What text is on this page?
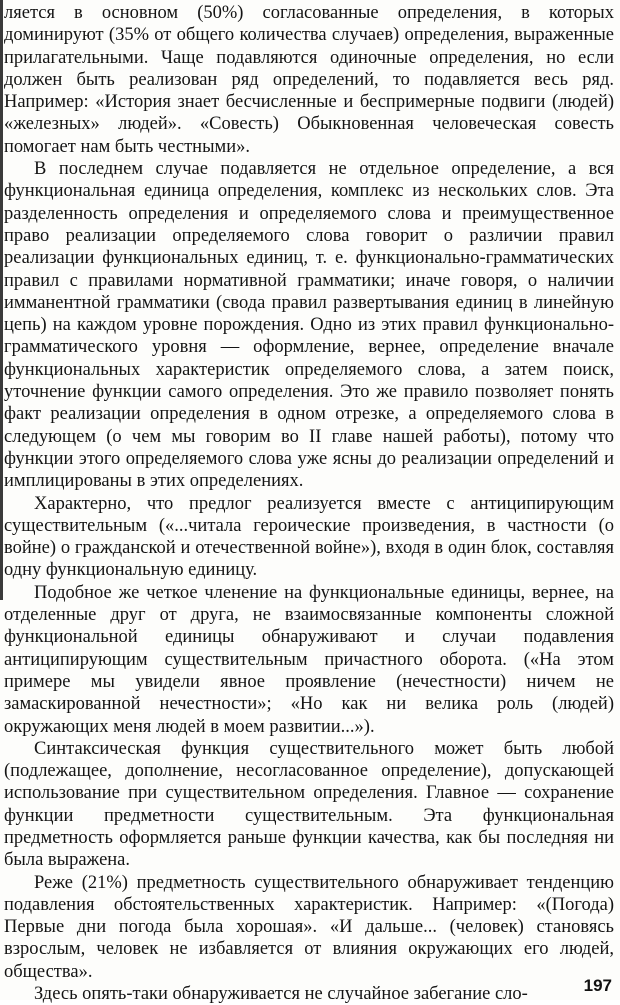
ляется в основном (50%) согласованные определения, в которых доминируют (35% от общего количества случаев) определения, выраженные прилагательными. Чаще подавляются одиночные определения, но если должен быть реализован ряд определений, то подавляется весь ряд. Например: «История знает бесчисленные и беспримерные подвиги (людей) «железных» людей». «Совесть) Обыкновенная человеческая совесть помогает нам быть честными».

В последнем случае подавляется не отдельное определение, а вся функциональная единица определения, комплекс из нескольких слов. Эта разделенность определения и определяемого слова и преимущественное право реализации определяемого слова говорит о различии правил реализации функциональных единиц, т. е. функционально-грамматических правил с правилами нормативной грамматики; иначе говоря, о наличии имманентной грамматики (свода правил развертывания единиц в линейную цепь) на каждом уровне порождения. Одно из этих правил функционально-грамматического уровня — оформление, вернее, определение вначале функциональных характеристик определяемого слова, а затем поиск, уточнение функции самого определения. Это же правило позволяет понять факт реализации определения в одном отрезке, а определяемого слова в следующем (о чем мы говорим во II главе нашей работы), потому что функции этого определяемого слова уже ясны до реализации определений и имплицированы в этих определениях.

Характерно, что предлог реализуется вместе с антиципирующим существительным («...читала героические произведения, в частности (о войне) о гражданской и отечественной войне»), входя в один блок, составляя одну функциональную единицу.

Подобное же четкое членение на функциональные единицы, вернее, на отделенные друг от друга, не взаимосвязанные компоненты сложной функциональной единицы обнаруживают и случаи подавления антиципирующим существительным причастного оборота. («На этом примере мы увидели явное проявление (нечестности) ничем не замаскированной нечестности»; «Но как ни велика роль (людей) окружающих меня людей в моем развитии...»).

Синтаксическая функция существительного может быть любой (подлежащее, дополнение, несогласованное определение), допускающей использование при существительном определения. Главное — сохранение функции предметности существительным. Эта функциональная предметность оформляется раньше функции качества, как бы последняя ни была выражена.

Реже (21%) предметность существительного обнаруживает тенденцию подавления обстоятельственных характеристик. Например: «(Погода) Первые дни погода была хорошая». «И дальше... (человек) становясь взрослым, человек не избавляется от влияния окружающих его людей, общества».

Здесь опять-таки обнаруживается не случайное забегание сло-	197
